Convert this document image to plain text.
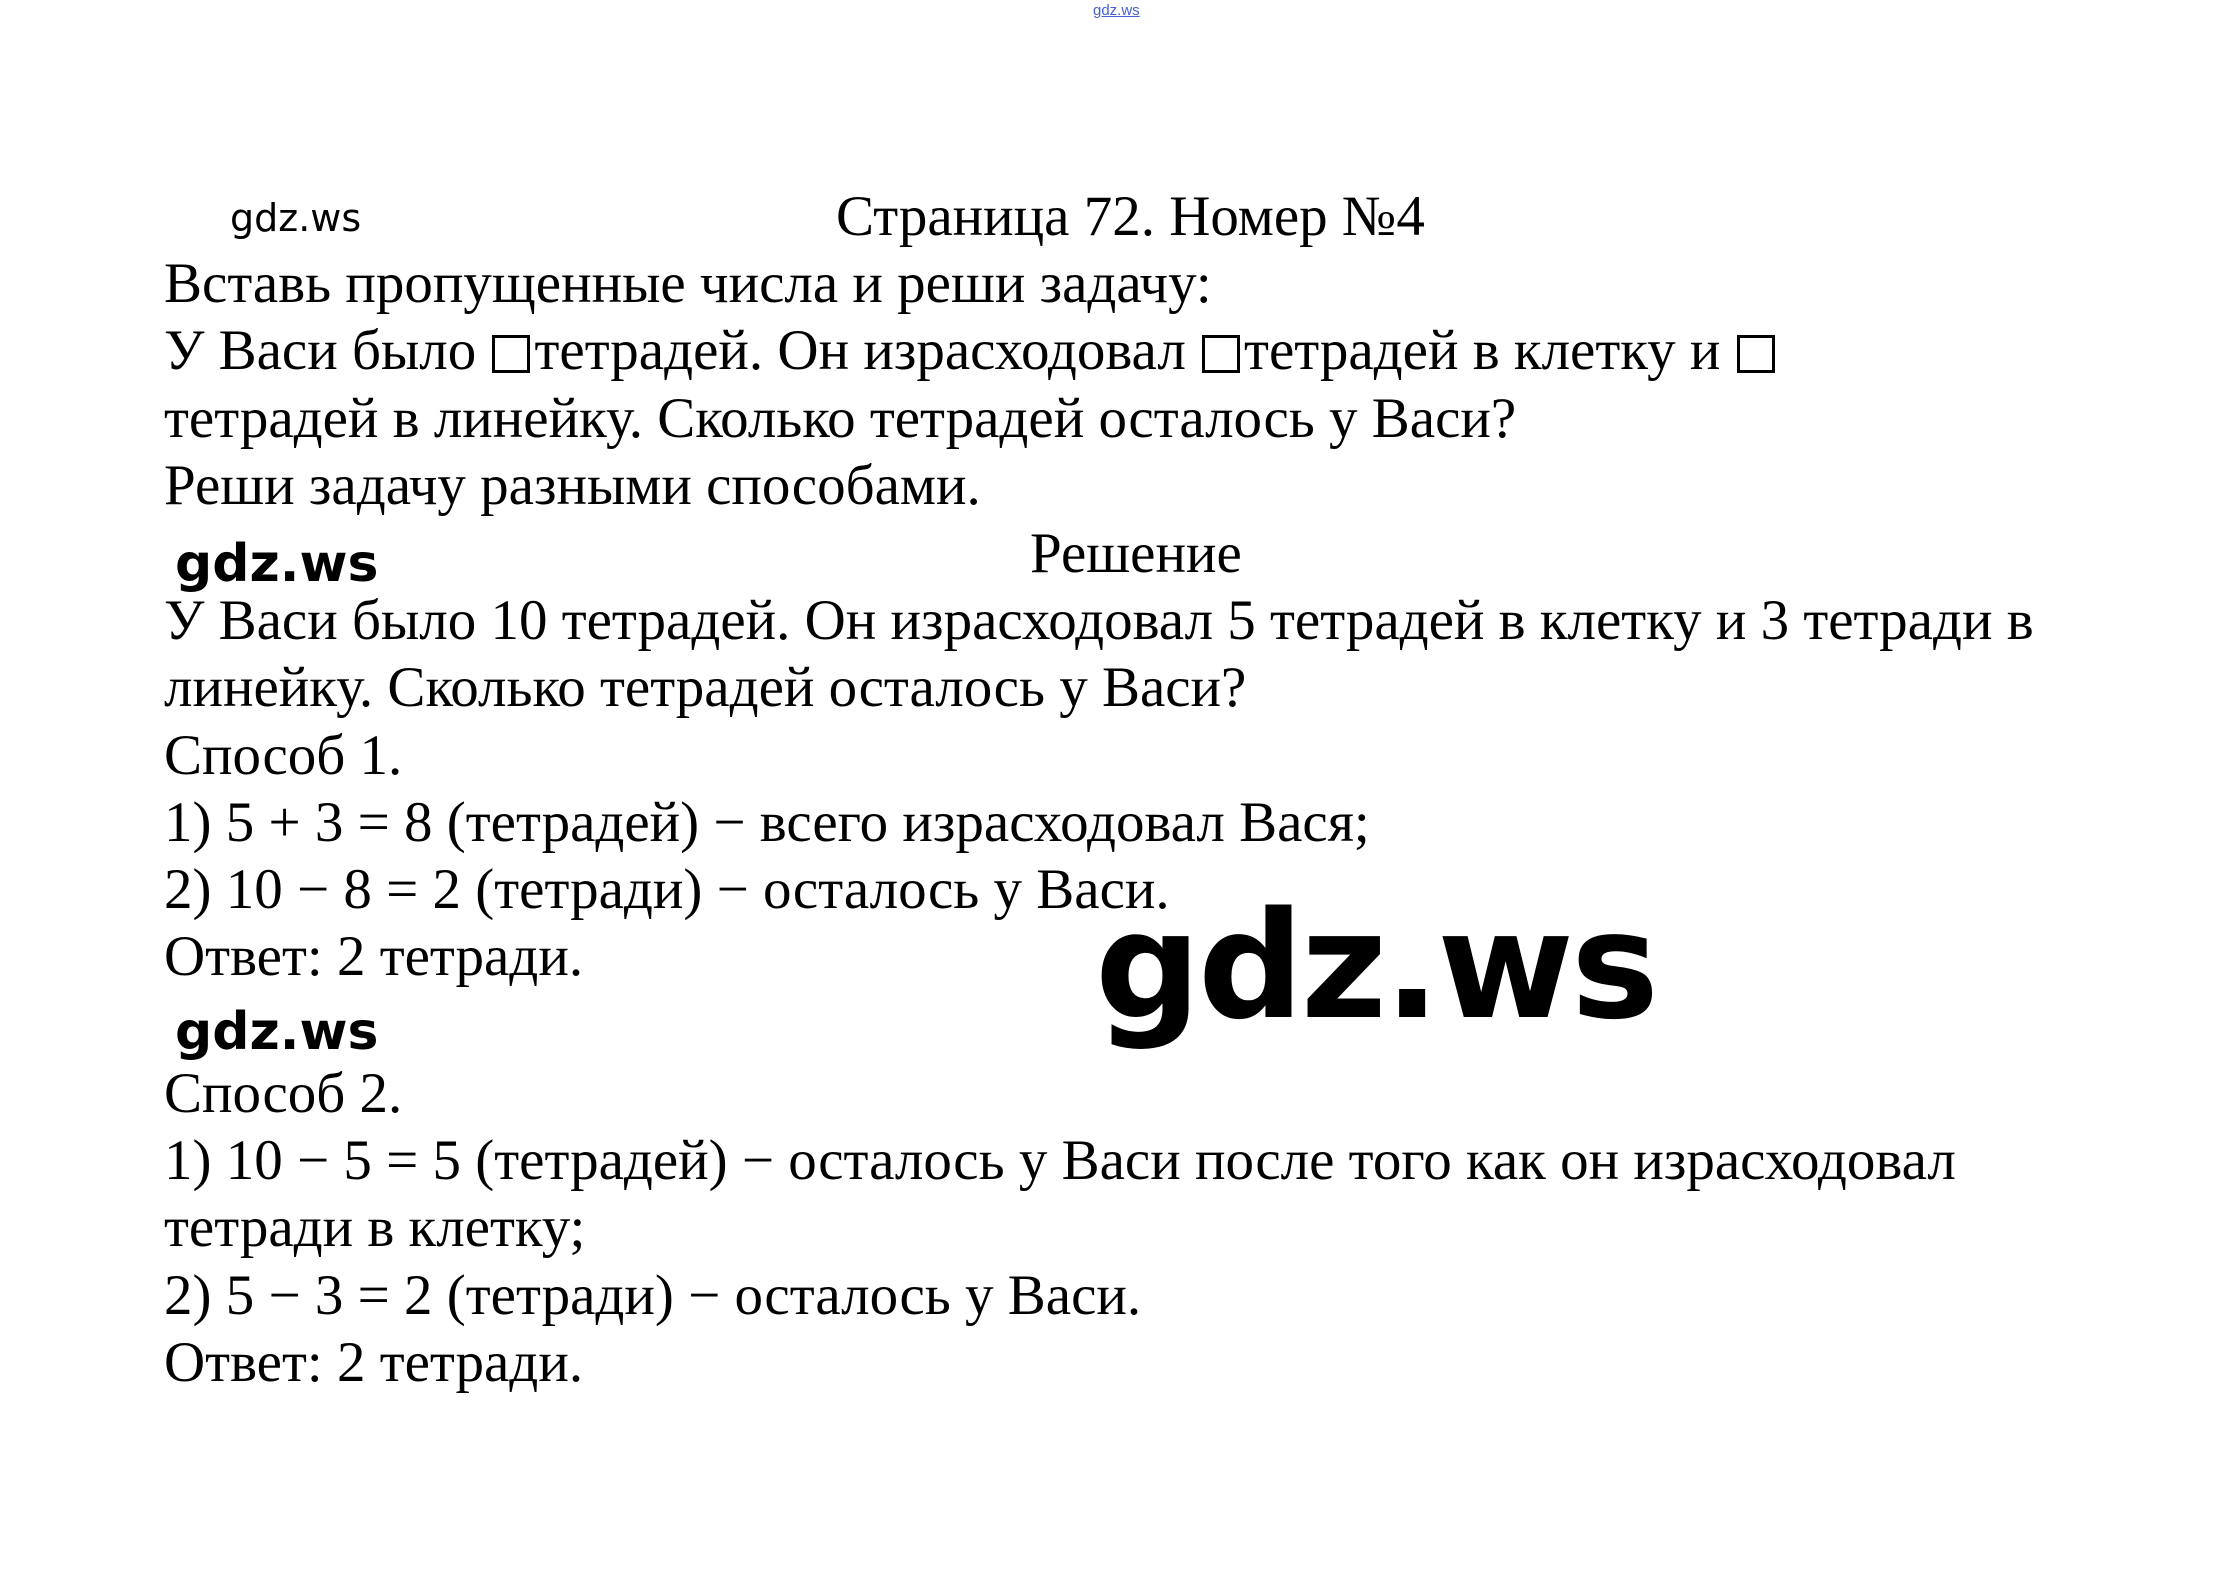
gdz.ws
gdz.ws	Страница 72. Номер №4
Вставь пропущенные числа и реши задачу:
У Васи было тетрадей. Он израсходовал тетрадей в клетку и
тетрадей в линейку. Сколько тетрадей осталось у Васи?
Реши задачу разными способами.
gdz.ws	Решение
У Васи было 10 тетрадей. Он израсходовал 5 тетрадей в клетку и 3 тетради в
линейку. Сколько тетрадей осталось у Васи?
Способ 1.
1) 5 + 3 = 8 (тетрадей) − всего израсходовал Вася;
2) 10 − 8 = 2 (тетради) − осталось у Васи.
Ответ: 2 тетради.	gdz.ws
gdz.ws
Способ 2.
1) 10 − 5 = 5 (тетрадей) − осталось у Васи после того как он израсходовал
тетради в клетку;
2) 5 − 3 = 2 (тетради) − осталось у Васи.
Ответ: 2 тетради.
